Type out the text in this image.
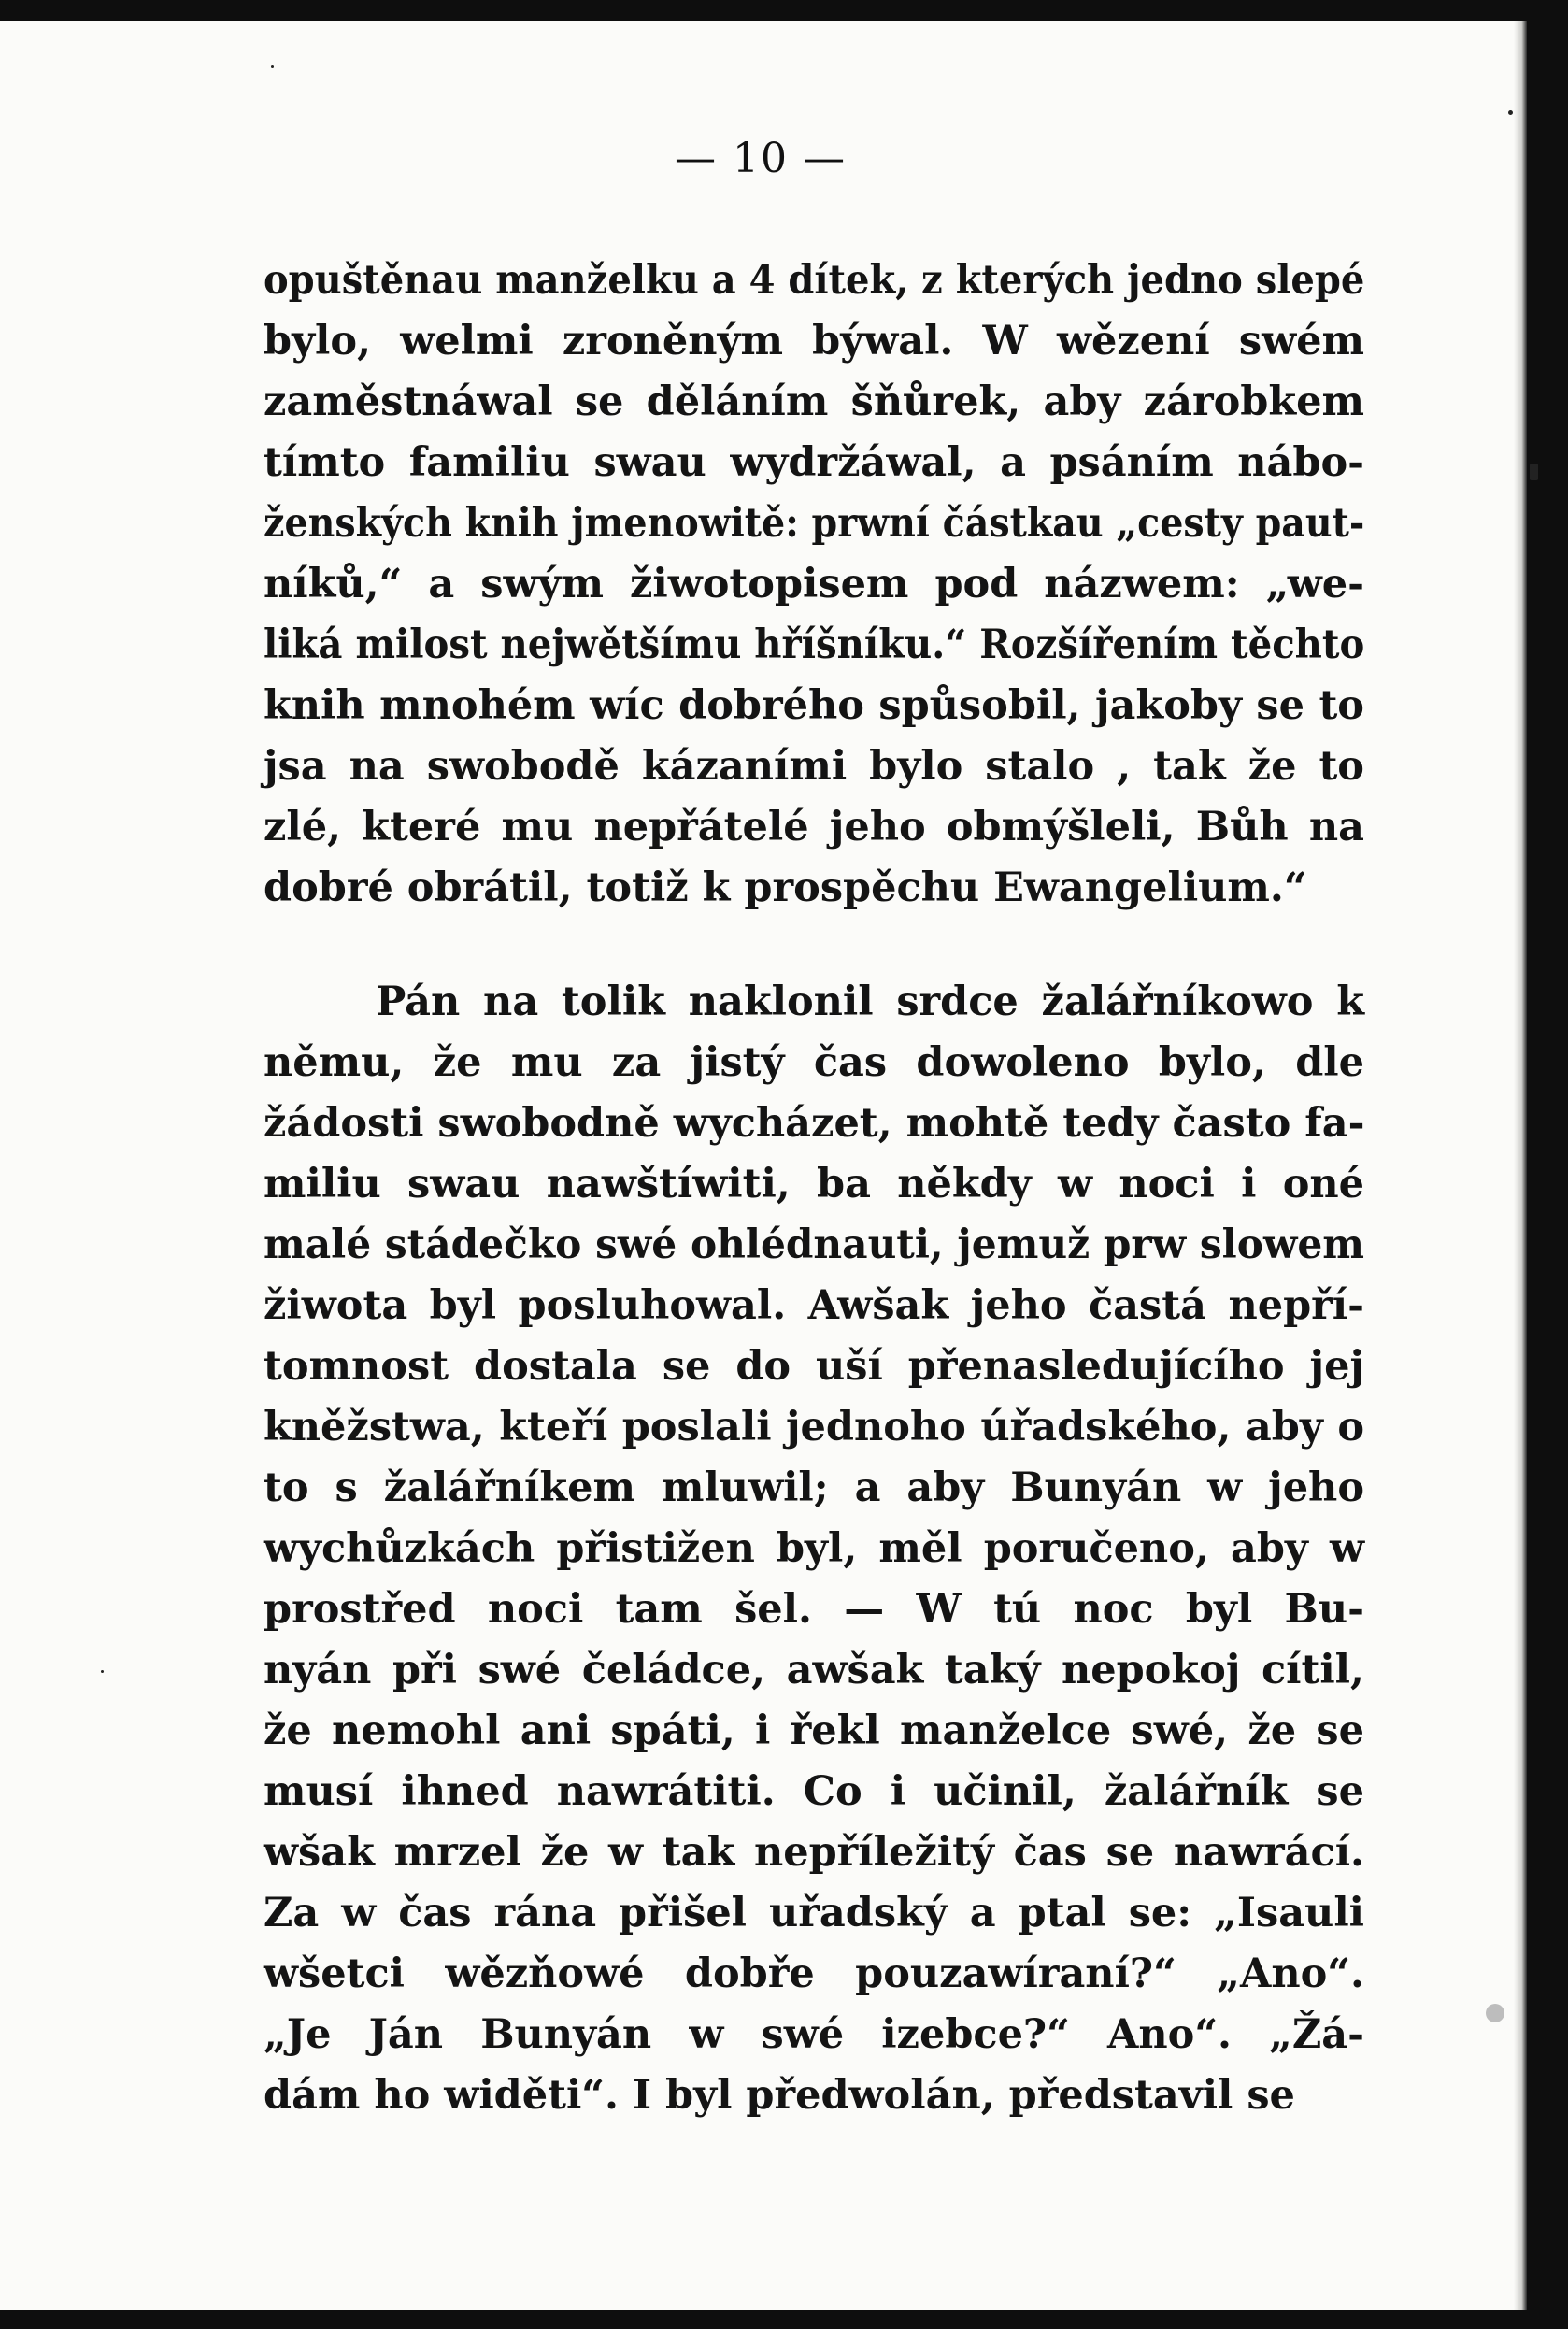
— 10 —
opuštěnau manželku a 4 dítek, z kterých jedno slepé
bylo, welmi zroněným býwal. W wězení swém
zaměstnáwal se děláním šňůrek, aby zárobkem
tímto familiu swau wydržáwal, a psáním nábo-
ženských knih jmenowitě: prwní částkau „cesty paut-
níků,“ a swým žiwotopisem pod názwem: „we-
liká milost nejwětšímu hříšníku.“ Rozšířením těchto
knih mnohém wíc dobrého spůsobil, jakoby se to
jsa na swobodě kázaními bylo stalo , tak že to
zlé, které mu nepřátelé jeho obmýšleli, Bůh na
dobré obrátil, totiž k prospěchu Ewangelium.“
Pán na tolik naklonil srdce žalářníkowo k
němu, že mu za jistý čas dowoleno bylo, dle
žádosti swobodně wycházet, mohtě tedy často fa-
miliu swau nawštíwiti, ba někdy w noci i oné
malé stádečko swé ohlédnauti, jemuž prw slowem
žiwota byl posluhowal. Awšak jeho častá nepří-
tomnost dostala se do uší přenasledujícího jej
kněžstwa, kteří poslali jednoho úřadského, aby o
to s žalářníkem mluwil; a aby Bunyán w jeho
wychůzkách přistižen byl, měl poručeno, aby w
prostřed noci tam šel. — W tú noc byl Bu-
nyán při swé čeládce, awšak taký nepokoj cítil,
že nemohl ani spáti, i řekl manželce swé, že se
musí ihned nawrátiti. Co i učinil, žalářník se
wšak mrzel že w tak nepříležitý čas se nawrácí.
Za w čas rána přišel uřadský a ptal se: „Isauli
wšetci wězňowé dobře pouzawíraní?“ „Ano“.
„Je Ján Bunyán w swé izebce?“ Ano“. „Žá-
dám ho widěti“. I byl předwolán, představil se
